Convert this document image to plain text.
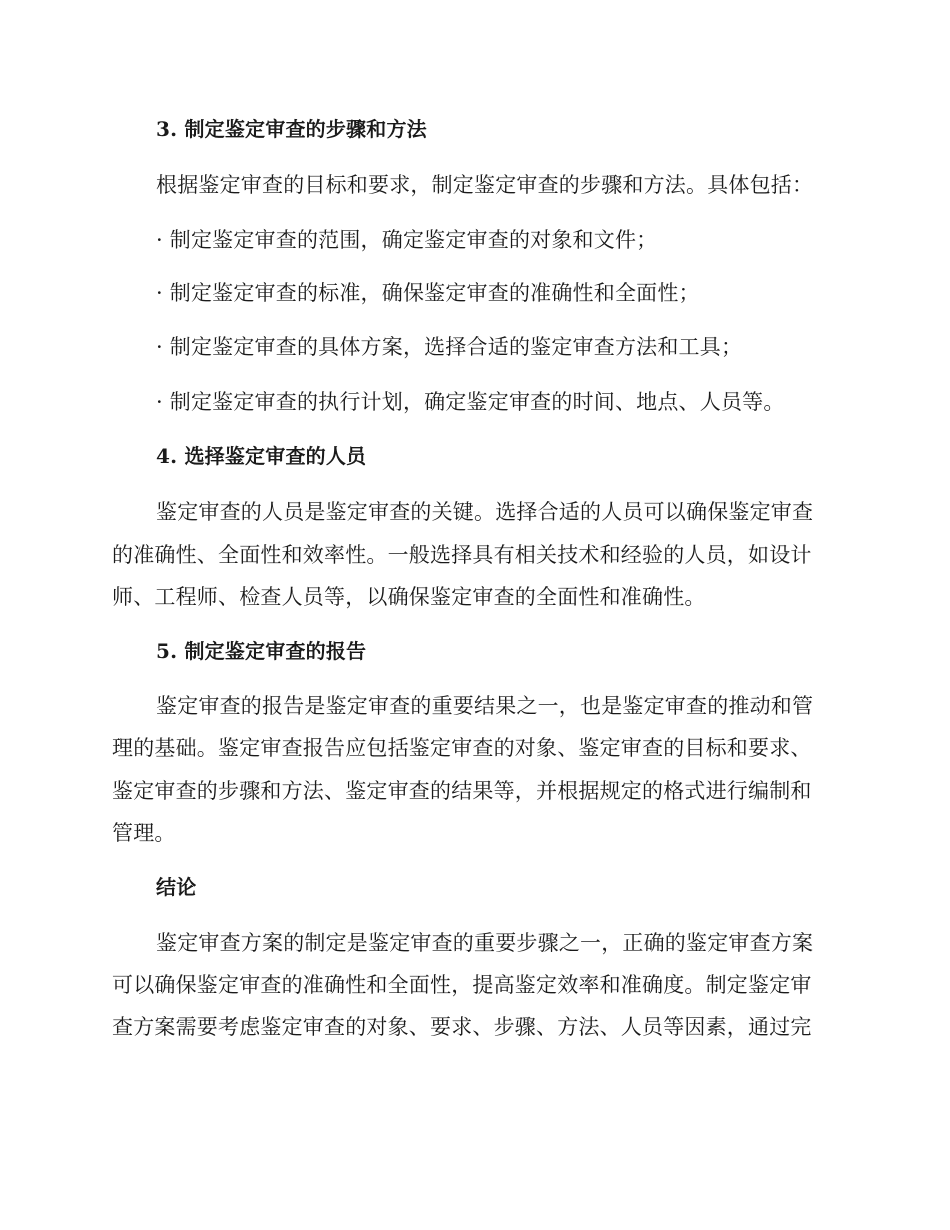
3. 制定鉴定审查的步骤和方法
根据鉴定审查的目标和要求，制定鉴定审查的步骤和方法。具体包括：
· 制定鉴定审查的范围，确定鉴定审查的对象和文件；
· 制定鉴定审查的标准，确保鉴定审查的准确性和全面性；
· 制定鉴定审查的具体方案，选择合适的鉴定审查方法和工具；
· 制定鉴定审查的执行计划，确定鉴定审查的时间、地点、人员等。
4. 选择鉴定审查的人员
鉴定审查的人员是鉴定审查的关键。选择合适的人员可以确保鉴定审查
的准确性、全面性和效率性。一般选择具有相关技术和经验的人员，如设计
师、工程师、检查人员等，以确保鉴定审查的全面性和准确性。
5. 制定鉴定审查的报告
鉴定审查的报告是鉴定审查的重要结果之一，也是鉴定审查的推动和管
理的基础。鉴定审查报告应包括鉴定审查的对象、鉴定审查的目标和要求、
鉴定审查的步骤和方法、鉴定审查的结果等，并根据规定的格式进行编制和
管理。
结论
鉴定审查方案的制定是鉴定审查的重要步骤之一，正确的鉴定审查方案
可以确保鉴定审查的准确性和全面性，提高鉴定效率和准确度。制定鉴定审
查方案需要考虑鉴定审查的对象、要求、步骤、方法、人员等因素，通过完
